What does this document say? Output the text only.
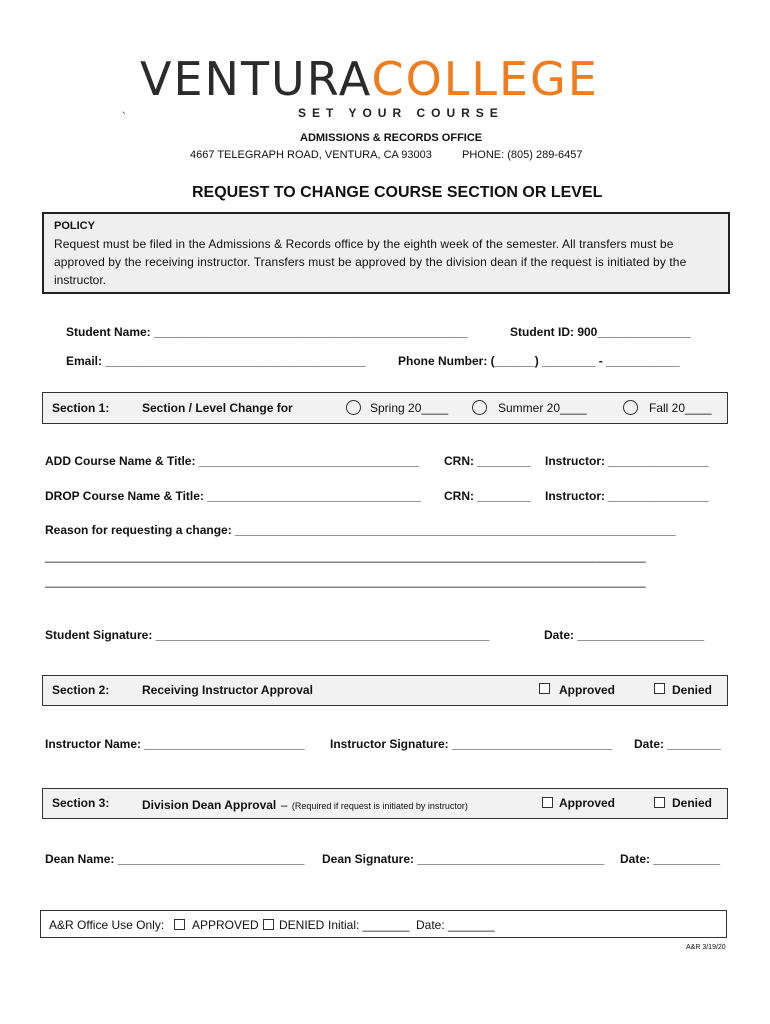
VENTURACOLLEGE
SET YOUR COURSE
`
ADMISSIONS & RECORDS OFFICE
4667 TELEGRAPH ROAD, VENTURA, CA 93003	PHONE: (805) 289-6457
REQUEST TO CHANGE COURSE SECTION OR LEVEL
POLICY
Request must be filed in the Admissions & Records office by the eighth week of the semester. All transfers must be
approved by the receiving instructor. Transfers must be approved by the division dean if the request is initiated by the
instructor.
Student Name: _______________________________________________	Student ID: 900______________
Email: _______________________________________	Phone Number: (______) ________ - ___________
Section 1:	Section / Level Change for	Spring 20____	Summer 20____	Fall 20____
ADD Course Name & Title: _________________________________ CRN: ________ Instructor: _______________
DROP Course Name & Title: ________________________________ CRN: ________ Instructor: _______________
Reason for requesting a change: __________________________________________________________________
__________________________________________________________________________________________
__________________________________________________________________________________________
Student Signature: __________________________________________________	Date: ___________________
Section 2:	Receiving Instructor Approval	Approved	Denied
Instructor Name: ________________________ Instructor Signature: ________________________ Date: ________
Section 3:	Division Dean Approval – (Required if request is initiated by instructor)	Approved	Denied
Dean Name: ____________________________ Dean Signature: ____________________________ Date: __________
A&R Office Use Only: APPROVED DENIED Initial: _______ Date: _______
A&R 3/19/20
